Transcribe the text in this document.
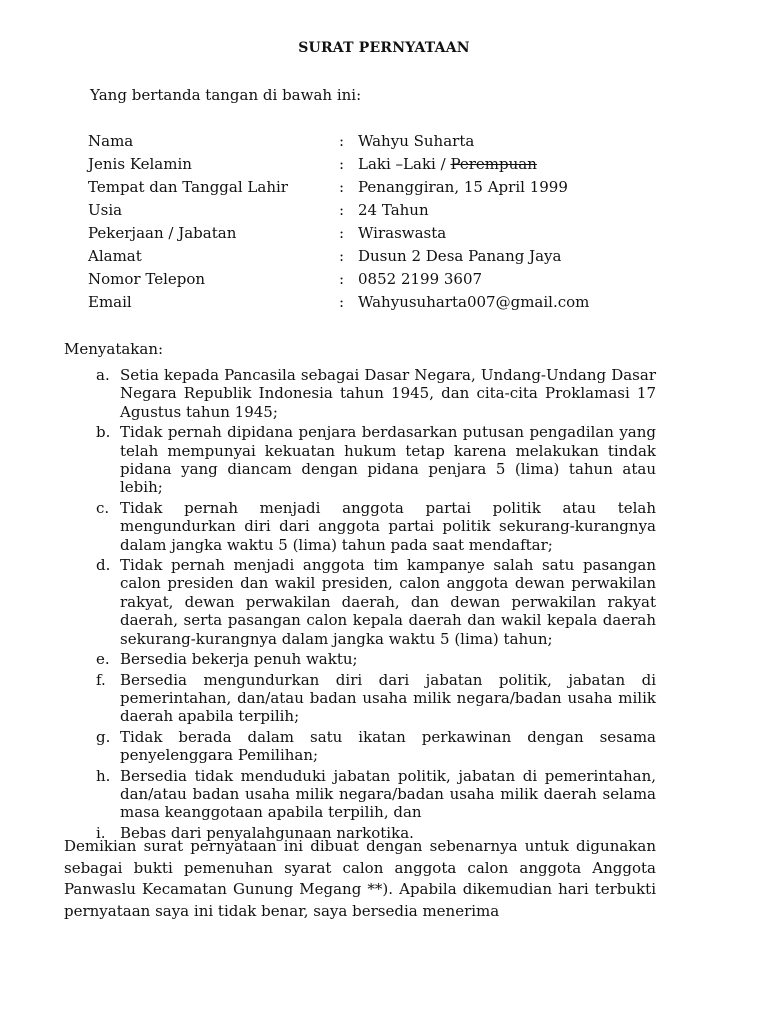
SURAT PERNYATAAN
Yang bertanda tangan di bawah ini:
Nama	: Wahyu Suharta
Jenis Kelamin	: Laki –Laki / Perempuan
Tempat dan Tanggal Lahir	: Penanggiran, 15 April 1999
Usia	: 24 Tahun
Pekerjaan / Jabatan	: Wiraswasta
Alamat	: Dusun 2 Desa Panang Jaya
Nomor Telepon	: 0852 2199 3607
Email	: Wahyusuharta007@gmail.com
Menyatakan:
a. Setia kepada Pancasila sebagai Dasar Negara, Undang-Undang Dasar Negara Republik Indonesia tahun 1945, dan cita-cita Proklamasi 17 Agustus tahun 1945;
b. Tidak pernah dipidana penjara berdasarkan putusan pengadilan yang telah mempunyai kekuatan hukum tetap karena melakukan tindak pidana yang diancam dengan pidana penjara 5 (lima) tahun atau lebih;
c. Tidak pernah menjadi anggota partai politik atau telah mengundurkan diri dari anggota partai politik sekurang-kurangnya dalam jangka waktu 5 (lima) tahun pada saat mendaftar;
d. Tidak pernah menjadi anggota tim kampanye salah satu pasangan calon presiden dan wakil presiden, calon anggota dewan perwakilan rakyat, dewan perwakilan daerah, dan dewan perwakilan rakyat daerah, serta pasangan calon kepala daerah dan wakil kepala daerah sekurang-kurangnya dalam jangka waktu 5 (lima) tahun;
e. Bersedia bekerja penuh waktu;
f. Bersedia mengundurkan diri dari jabatan politik, jabatan di pemerintahan, dan/atau badan usaha milik negara/badan usaha milik daerah apabila terpilih;
g. Tidak berada dalam satu ikatan perkawinan dengan sesama penyelenggara Pemilihan;
h. Bersedia tidak menduduki jabatan politik, jabatan di pemerintahan, dan/atau badan usaha milik negara/badan usaha milik daerah selama masa keanggotaan apabila terpilih, dan
i. Bebas dari penyalahgunaan narkotika.
Demikian surat pernyataan ini dibuat dengan sebenarnya untuk digunakan sebagai bukti pemenuhan syarat calon anggota calon anggota Anggota Panwaslu Kecamatan Gunung Megang **). Apabila dikemudian hari terbukti pernyataan saya ini tidak benar, saya bersedia menerima
